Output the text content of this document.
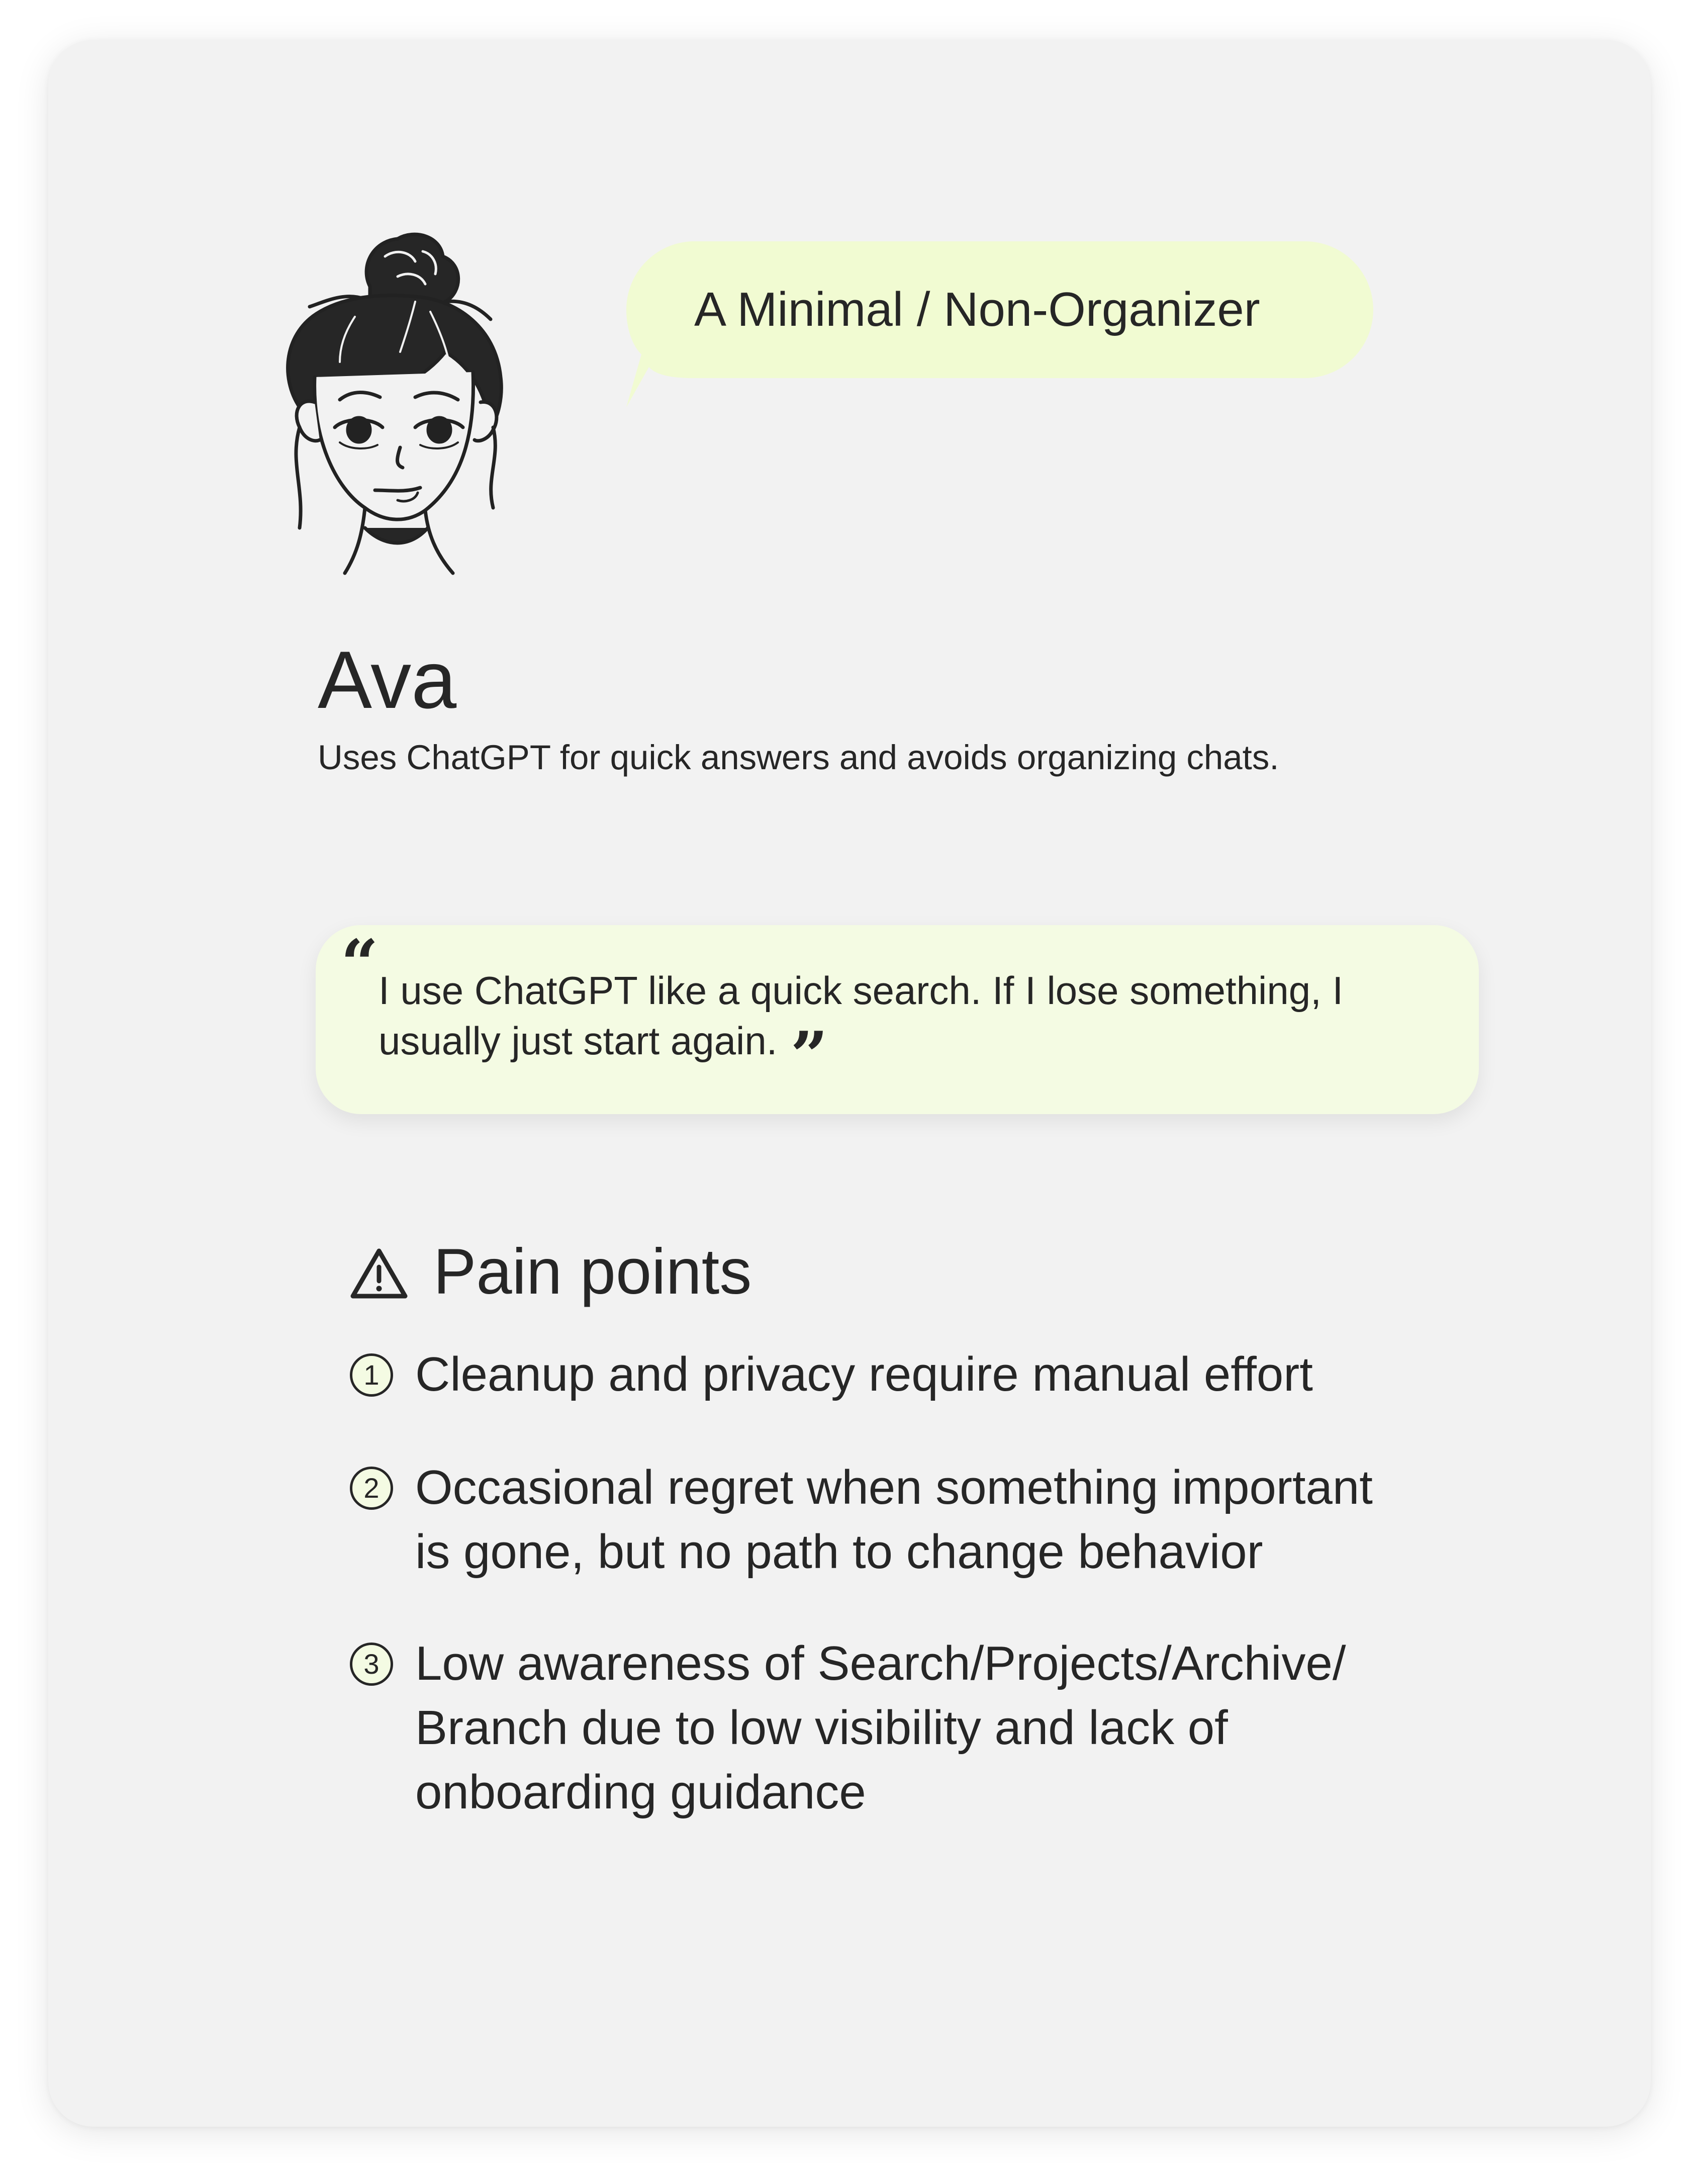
A Minimal / Non-Organizer
Ava
Uses ChatGPT for quick answers and avoids organizing chats.
“ I use ChatGPT like a quick search. If I lose something, I usually just start again. ”
Pain points
1 Cleanup and privacy require manual effort
2 Occasional regret when something important
is gone, but no path to change behavior
3 Low awareness of Search/Projects/Archive/
Branch due to low visibility and lack of
onboarding guidance
